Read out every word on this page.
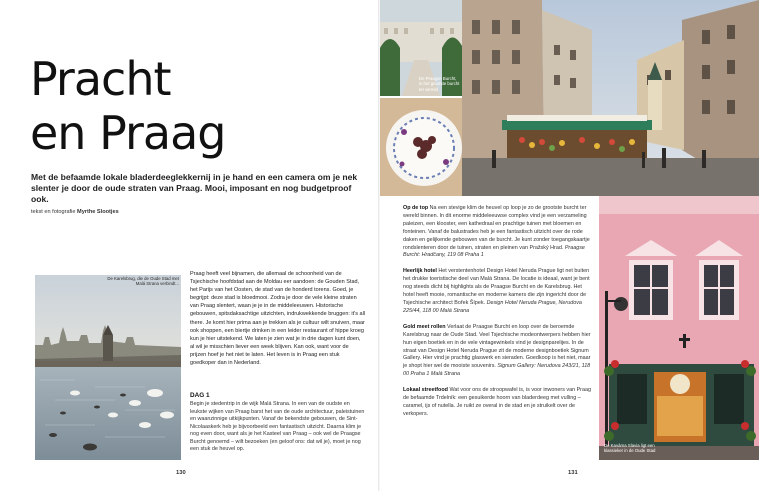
Pracht
en Praag

Met de befaamde lokale bladerdeeglekkernij in je hand en een camera om je nek slenter je door de oude straten van Praag. Mooi, imposant en nog budgetproof ook.

tekst en fotografie Myrthe Slootjes

De Karelsbrug, die de Oude Stad met Malá Strana verbindt...

Praag heeft veel bijnamen, die allemaal de schoonheid van de Tsjechische hoofdstad aan de Moldau eer aandoen: de Gouden Stad, het Parijs van het Oosten, de stad van de honderd torens. Goed, je begrijpt: deze stad is bloedmooi. Zodra je door de vele kleine straten van Praag slentert, waan je je in de middeleeuwen. Historische gebouwen, spitsdaksachtige uitzichten, indrukwekkende bruggen: it's all there. Je komt hier prima aan je trekken als je cultuur wilt snuiven, maar ook shoppen, een biertje drinken in een leider restaurant of hippe kroeg kun je hier uitstekend. We laten je zien wat je in drie dagen kunt doen, al wil je misschien liever een week blijven. Kan ook, want voor de prijzen hoef je het niet te laten. Het leven is in Praag een stuk goedkoper dan in Nederland.

DAG 1

Begin je stedentrip in de wijk Malá Strana. In een van de oudste en leukste wijken van Praag barst het van de oude architectuur, paleistuinen en waanzinnige uitkijkpunten. Vanaf de bekendste gebouwen, de Sint-Nicolaaskerk heb je bijvoorbeeld een fantastisch uitzicht. Daarna klim je nog even door, want als je het Kasteel van Praag – ook wel de Praagse Burcht genoemd – wilt bezoeken (en geloof ons: dat wil je), moet je nog een stuk de heuvel op.

130

De Praagse Burcht, in het grootste burcht ter wereld

Op de top Na een stevige klim de heuvel op loop je zo de grootste burcht ter wereld binnen. In dit enorme middeleeuwse complex vind je een verzameling paleizen, een klooster, een kathedraal en prachtige tuinen met bloemen en fonteinen. Vanaf de balustrades heb je een fantastisch uitzicht over de rode daken en gelijkende gebouwen van de burcht. Je kunt zonder toegangskaartje rondslenteren door de tuinen, straten en pleinen van Pražský Hrad. Praagse Burcht: Hradčany, 119 08 Praha 1

Heerlijk hotel Het verstentenhotel Design Hotel Neruda Prague ligt net buiten het drukke toeristische deel van Malá Strana. De locatie is ideaal, want je bent nog steeds dicht bij highlights als de Praagse Burcht en de Karelsbrug. Het hotel heeft mooie, romantische en moderne kamers die zijn ingericht door de Tsjechische architect Bořek Šípek. Design Hotel Neruda Prague, Nerudova 225/44, 118 00 Malá Strana

Gold meet rollen Verlaat de Praagse Burcht en loop over de beroemde Karelsbrug naar de Oude Stad. Veel Tsjechische modeontwerpers hebben hier hun eigen boetiek en in de vele vintagewinkels vind je designparelijes. In de straat van Design Hotel Neruda Prague zit de moderne designboetiek Signum Gallery. Hier vind je prachtig glaswerk en sieraden. Goedkoop is het niet, maar je shopt hier wel de mooiste souvenirs. Signum Gallery: Nerudova 243/21, 118 00 Praha 1 Malá Strana

Lokaal streetfood Wat voor ons de stroopwafel is, is voor inwoners van Praag de befaamde Trdelník: een gesuikerde hoorn van bladerdeeg met vulling – caramel, ijs of nutella. Je ruikt ze overal in de stad en je struikelt over de verkopers.

De Kavárna Slavia ligt een klassieker in de Oude Stad

131
